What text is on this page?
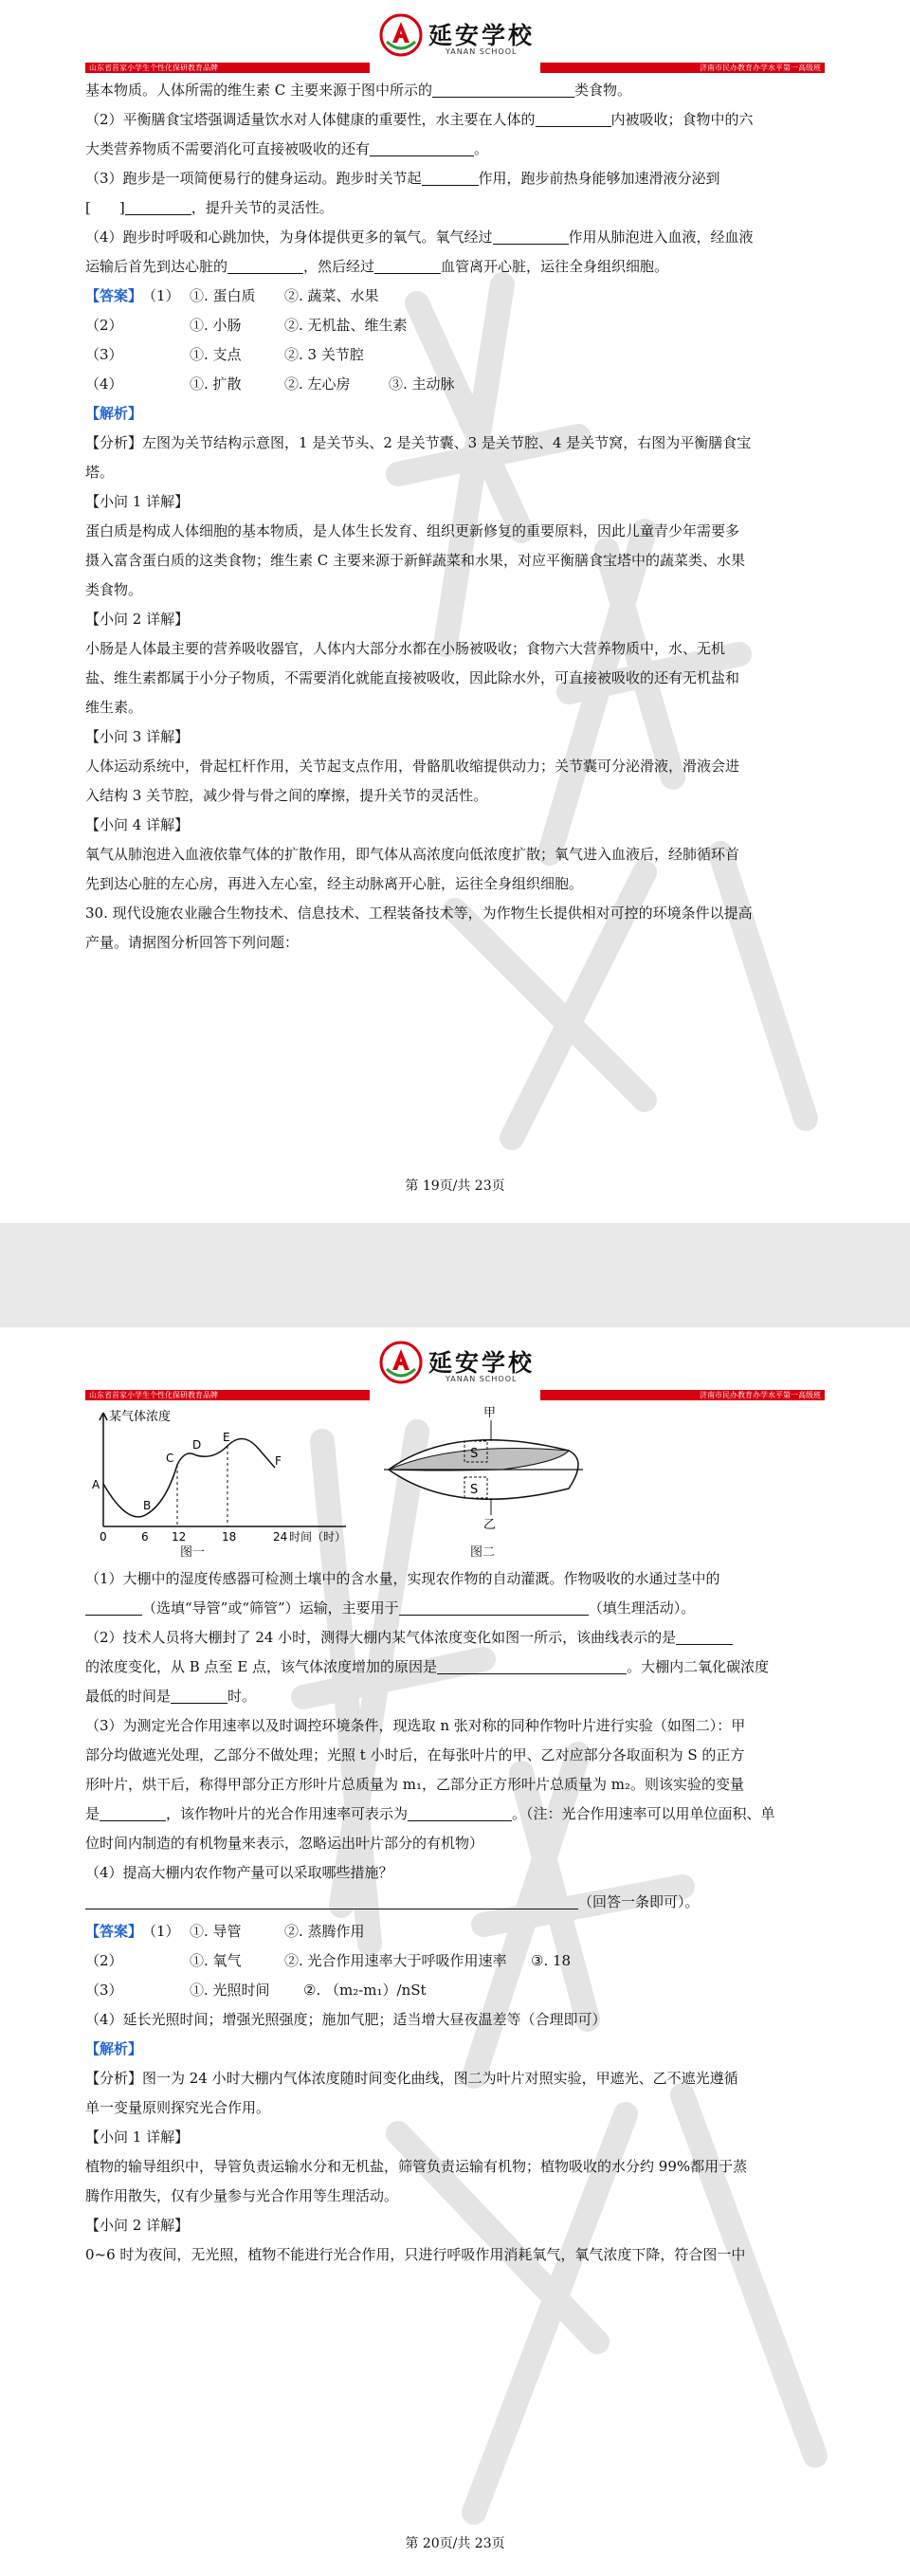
山东省首家小学生个性化保研教育品牌	济南市民办教育办学水平第一高级班
延安学校
YANAN SCHOOL
基本物质。人体所需的维生素 C 主要来源于图中所示的	类食物。
（2）平衡膳食宝塔强调适量饮水对人体健康的重要性，水主要在人体的	内被吸收；食物中的六
大类营养物质不需要消化可直接被吸收的还有	。
（3）跑步是一项简便易行的健身运动。跑步时关节起	作用，跑步前热身能够加速滑液分泌到
[　　]	，提升关节的灵活性。
（4）跑步时呼吸和心跳加快，为身体提供更多的氧气。氧气经过	作用从肺泡进入血液，经血液
运输后首先到达心脏的	，然后经过	血管离开心脏，运往全身组织细胞。
【答案】 （1） ①. 蛋白质	②. 蔬菜、水果
（2）	①. 小肠	②. 无机盐、维生素
（3）	①. 支点	②. 3 关节腔
（4）	①. 扩散	②. 左心房	③. 主动脉
【解析】
【分析】左图为关节结构示意图，1 是关节头、2 是关节囊、3 是关节腔、4 是关节窝，右图为平衡膳食宝
塔。
【小问 1 详解】
蛋白质是构成人体细胞的基本物质，是人体生长发育、组织更新修复的重要原料，因此儿童青少年需要多
摄入富含蛋白质的这类食物；维生素 C 主要来源于新鲜蔬菜和水果，对应平衡膳食宝塔中的蔬菜类、水果
类食物。
【小问 2 详解】
小肠是人体最主要的营养吸收器官，人体内大部分水都在小肠被吸收；食物六大营养物质中，水、无机
盐、维生素都属于小分子物质，不需要消化就能直接被吸收，因此除水外，可直接被吸收的还有无机盐和
维生素。
【小问 3 详解】
人体运动系统中，骨起杠杆作用，关节起支点作用，骨骼肌收缩提供动力；关节囊可分泌滑液，滑液会进
入结构 3 关节腔，减少骨与骨之间的摩擦，提升关节的灵活性。
【小问 4 详解】
氧气从肺泡进入血液依靠气体的扩散作用，即气体从高浓度向低浓度扩散；氧气进入血液后，经肺循环首
先到达心脏的左心房，再进入左心室，经主动脉离开心脏，运往全身组织细胞。
30. 现代设施农业融合生物技术、信息技术、工程装备技术等，为作物生长提供相对可控的环境条件以提高
产量。请据图分析回答下列问题：
第 19页/共 23页
山东省首家小学生个性化保研教育品牌	济南市民办教育办学水平第一高级班
延安学校
YANAN SCHOOL
某气体浓度
A
B
C
D
E
F
0	6 12	18	24 时间（时）
图一
S
S
甲
乙
图二
（1）大棚中的湿度传感器可检测土壤中的含水量，实现农作物的自动灌溉。作物吸收的水通过茎中的
（选填“导管”或“筛管”）运输，主要用于	（填生理活动）。
（2）技术人员将大棚封了 24 小时，测得大棚内某气体浓度变化如图一所示，该曲线表示的是
的浓度变化，从 B 点至 E 点，该气体浓度增加的原因是	。大棚内二氧化碳浓度
最低的时间是	时。
（3）为测定光合作用速率以及时调控环境条件，现选取 n 张对称的同种作物叶片进行实验（如图二）：甲
部分均做遮光处理，乙部分不做处理；光照 t 小时后，在每张叶片的甲、乙对应部分各取面积为 S 的正方
形叶片，烘干后，称得甲部分正方形叶片总质量为 m₁，乙部分正方形叶片总质量为 m₂。则该实验的变量
是	，该作物叶片的光合作用速率可表示为	。（注：光合作用速率可以用单位面积、单
位时间内制造的有机物量来表示，忽略运出叶片部分的有机物）
（4）提高大棚内农作物产量可以采取哪些措施？
（回答一条即可）。
【答案】 （1） ①. 导管	②. 蒸腾作用
（2）	①. 氧气	②. 光合作用速率大于呼吸作用速率	③. 18
（3）	①. 光照时间	②. （m₂-m₁）/nSt
（4）延长光照时间；增强光照强度；施加气肥；适当增大昼夜温差等（合理即可）
【解析】
【分析】图一为 24 小时大棚内气体浓度随时间变化曲线，图二为叶片对照实验，甲遮光、乙不遮光遵循
单一变量原则探究光合作用。
【小问 1 详解】
植物的输导组织中，导管负责运输水分和无机盐，筛管负责运输有机物；植物吸收的水分约 99%都用于蒸
腾作用散失，仅有少量参与光合作用等生理活动。
【小问 2 详解】
0~6 时为夜间，无光照，植物不能进行光合作用，只进行呼吸作用消耗氧气，氧气浓度下降，符合图一中
第 20页/共 23页
